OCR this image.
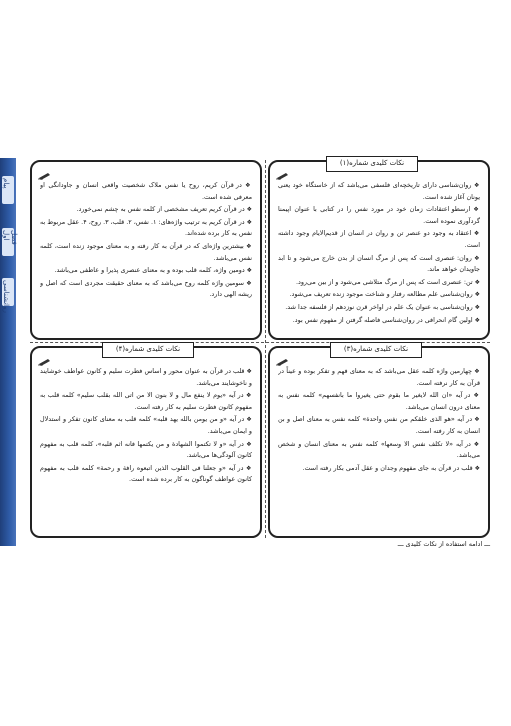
پیام
فصل اول
روانشناسی
نکات کلیدی شماره(۱)

❖ روان‌شناسی دارای تاریخچه‌ای فلسفی می‌باشد که از خاستگاه خود یعنی یونان آغاز شده است.

❖ ارسطو اعتقادات زمان خود در مورد نفس را در کتابی با عنوان اپیمنا گردآوری نموده است.

❖ اعتقاد به وجود دو عنصر تن و روان در انسان از قدیم‌الایام وجود داشته است.

❖ روان: عنصری است که پس از مرگ انسان از بدن خارج می‌شود و تا ابد جاویدان خواهد ماند.

❖ تن: عنصری است که پس از مرگ متلاشی می‌شود و از بین می‌رود.

❖ روان‌شناسی علم مطالعه رفتار و شناخت موجود زنده تعریف می‌شود.

❖ روان‌شناسی به عنوان یک علم در اواخر قرن نوزدهم از فلسفه جدا شد.

❖ اولین گام انحرافی در روان‌شناسی فاصله گرفتن از مفهوم نفس بود.

❖ در قرآن کریم، روح یا نفس ملاک شخصیت واقعی انسان و جاودانگی او معرفی شده است.

❖ در قرآن کریم تعریف مشخصی از کلمه نفس به چشم نمی‌خورد.

❖ در قرآن کریم به ترتیب واژه‌های: ۱. نفس، ۲. قلب، ۳. روح، ۴. عقل مربوط به نفس به کار برده شده‌اند.

❖ بیشترین واژه‌ای که در قرآن به کار رفته و به معنای موجود زنده است، کلمه نفس می‌باشد.

❖ دومین واژه، کلمه قلب بوده و به معنای عنصری پذیرا و عاطفی می‌باشد.

❖ سومین واژه کلمه روح می‌باشد که به معنای حقیقت مجردی است که اصل و ریشه الهی دارد.

نکات کلیدی شماره(۳)

❖ چهارمین واژه کلمه عقل می‌باشد که به معنای فهم و تفکر بوده و عیناً در قرآن به کار نرفته است.

❖ در آیه «ان الله لایغیر ما بقوم حتی یغیروا ما بانفسهم» کلمه نفس به معنای درون انسان می‌باشد.

❖ در آیه «هو الذی خلقکم من نفس واحدة» کلمه نفس به معنای اصل و بن انسان به کار رفته است.

❖ در آیه «لا تکلف نفس الا وسعها» کلمه نفس به معنای انسان و شخص می‌باشد.

❖ قلب در قرآن به جای مفهوم وجدان و عقل آدمی بکار رفته است.

نکات کلیدی شماره(۴)

❖ قلب در قرآن به عنوان محور و اساس فطرت سلیم و کانون عواطف خوشایند و ناخوشایند می‌باشد.

❖ در آیه «یوم لا ینفع مال و لا بنون الا من اتی الله بقلب سلیم» کلمه قلب به مفهوم کانون فطرت سلیم به کار رفته است.

❖ در آیه «و من یومن بالله یهد قلبه» کلمه قلب به معنای کانون تفکر و استدلال و ایمان می‌باشد.

❖ در آیه «و لا تکتموا الشهادة و من یکتمها فانه اثم قلبه»، کلمه قلب به مفهوم کانون آلودگی‌ها می‌باشد.

❖ در آیه «و جعلنا فی القلوب الذین اتبعوه رافة و رحمة» کلمه قلب به مفهوم کانون عواطف گوناگون به کار برده شده است.

ـــ ادامه استفاده از نکات کلیدی ـــ
